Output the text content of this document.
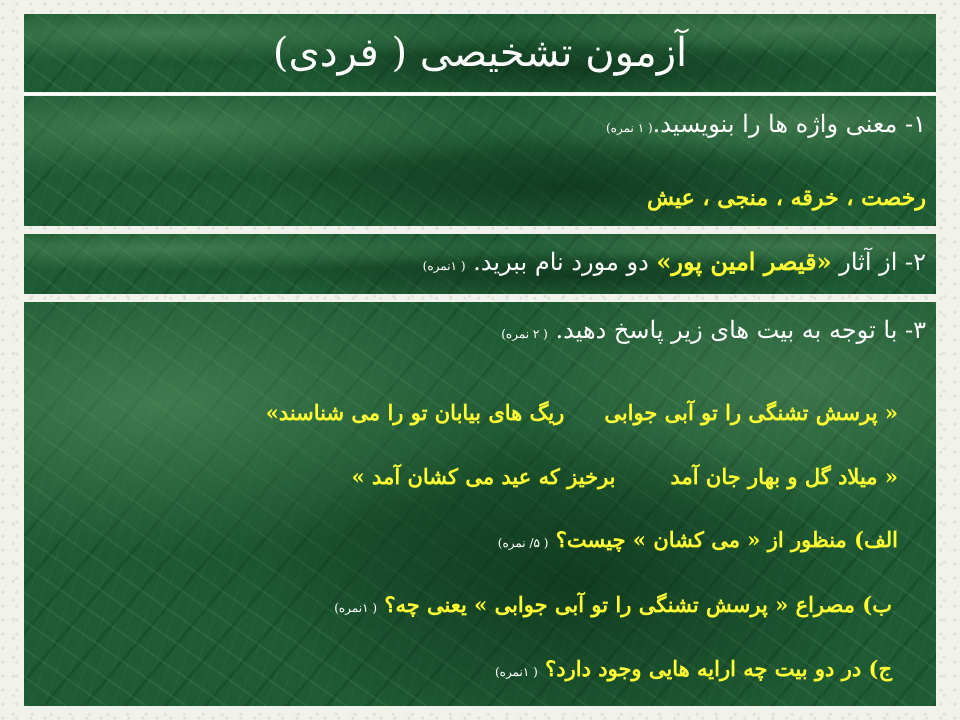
آزمون تشخیصی ( فردی)
۱- معنی واژه ها را بنویسید.( ۱ نمره)
رخصت ، خرقه ، منجی ، عیش
۲- از آثار «قیصر امین پور» دو مورد نام ببرید. ( ۱نمره)
۳- با توجه به بیت های زیر پاسخ دهید. ( ۲ نمره)
« پرسش تشنگی را تو آبی جوابیریگ های بیابان تو را می شناسند»
« میلاد گل و بهار جان آمدبرخیز که عید می کشان آمد »
الف) منظور از « می کشان » چیست؟ ( ۵/ نمره)
ب) مصراع « پرسش تشنگی را تو آبی جوابی » یعنی چه؟ ( ۱نمره)
ج) در دو بیت چه ارایه هایی وجود دارد؟ ( ۱نمره)
